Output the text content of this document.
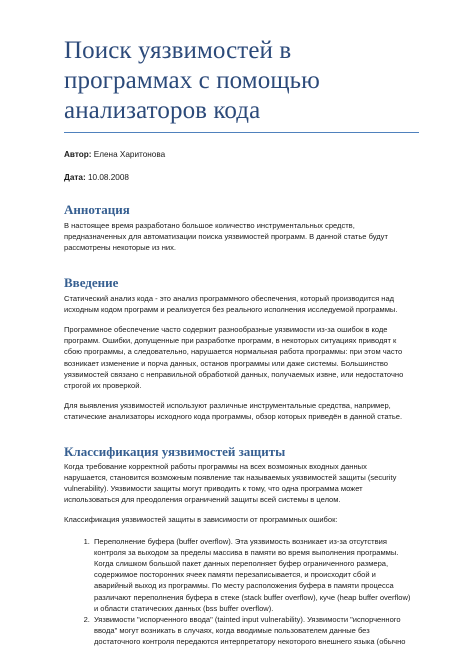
Поиск уязвимостей в программах с помощью анализаторов кода

Автор: Елена Харитонова

Дата: 10.08.2008

Аннотация

В настоящее время разработано большое количество инструментальных средств, предназначенных для автоматизации поиска уязвимостей программ. В данной статье будут рассмотрены некоторые из них.

Введение

Статический анализ кода - это анализ программного обеспечения, который производится над исходным кодом программ и реализуется без реального исполнения исследуемой программы.

Программное обеспечение часто содержит разнообразные уязвимости из-за ошибок в коде программ. Ошибки, допущенные при разработке программ, в некоторых ситуациях приводят к сбою программы, а следовательно, нарушается нормальная работа программы: при этом часто возникает изменение и порча данных, останов программы или даже системы. Большинство уязвимостей связано с неправильной обработкой данных, получаемых извне, или недостаточно строгой их проверкой.

Для выявления уязвимостей используют различные инструментальные средства, например, статические анализаторы исходного кода программы, обзор которых приведён в данной статье.

Классификация уязвимостей защиты

Когда требование корректной работы программы на всех возможных входных данных нарушается, становится возможным появление так называемых уязвимостей защиты (security vulnerability). Уязвимости защиты могут приводить к тому, что одна программа может использоваться для преодоления ограничений защиты всей системы в целом.

Классификация уязвимостей защиты в зависимости от программных ошибок:

1. Переполнение буфера (buffer overflow). Эта уязвимость возникает из-за отсутствия контроля за выходом за пределы массива в памяти во время выполнения программы. Когда слишком большой пакет данных переполняет буфер ограниченного размера, содержимое посторонних ячеек памяти перезаписывается, и происходит сбой и аварийный выход из программы. По месту расположения буфера в памяти процесса различают переполнения буфера в стеке (stack buffer overflow), куче (heap buffer overflow) и области статических данных (bss buffer overflow).
2. Уязвимости "испорченного ввода" (tainted input vulnerability). Уязвимости "испорченного ввода" могут возникать в случаях, когда вводимые пользователем данные без достаточного контроля передаются интерпретатору некоторого внешнего языка (обычно
